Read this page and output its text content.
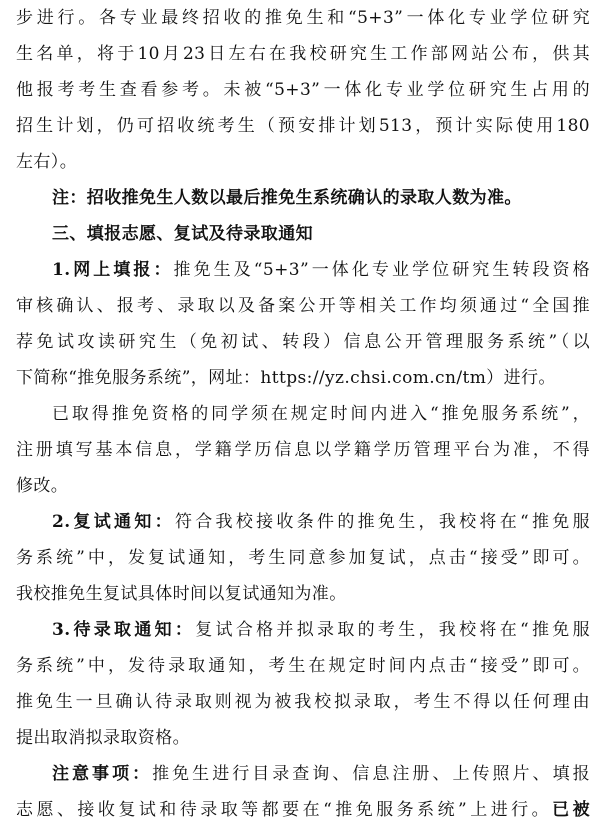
步进行。各专业最终招收的推免生和“5+3”一体化专业学位研究
生名单，将于10月23日左右在我校研究生工作部网站公布，供其
他报考考生查看参考。未被“5+3”一体化专业学位研究生占用的
招生计划，仍可招收统考生（预安排计划513，预计实际使用180
左右）。
注：招收推免生人数以最后推免生系统确认的录取人数为准。
三、填报志愿、复试及待录取通知
1.网上填报：推免生及“5+3”一体化专业学位研究生转段资格
审核确认、报考、录取以及备案公开等相关工作均须通过“全国推
荐免试攻读研究生（免初试、转段）信息公开管理服务系统”（以
下简称“推免服务系统”，网址：https://yz.chsi.com.cn/tm）进行。
已取得推免资格的同学须在规定时间内进入“推免服务系统”，
注册填写基本信息，学籍学历信息以学籍学历管理平台为准，不得
修改。
2.复试通知：符合我校接收条件的推免生，我校将在“推免服
务系统”中，发复试通知，考生同意参加复试，点击“接受”即可。
我校推免生复试具体时间以复试通知为准。
3.待录取通知：复试合格并拟录取的考生，我校将在“推免服
务系统”中，发待录取通知，考生在规定时间内点击“接受”即可。
推免生一旦确认待录取则视为被我校拟录取，考生不得以任何理由
提出取消拟录取资格。
注意事项：推免生进行目录查询、信息注册、上传照片、填报
志愿、接收复试和待录取等都要在“推免服务系统”上进行。已被
